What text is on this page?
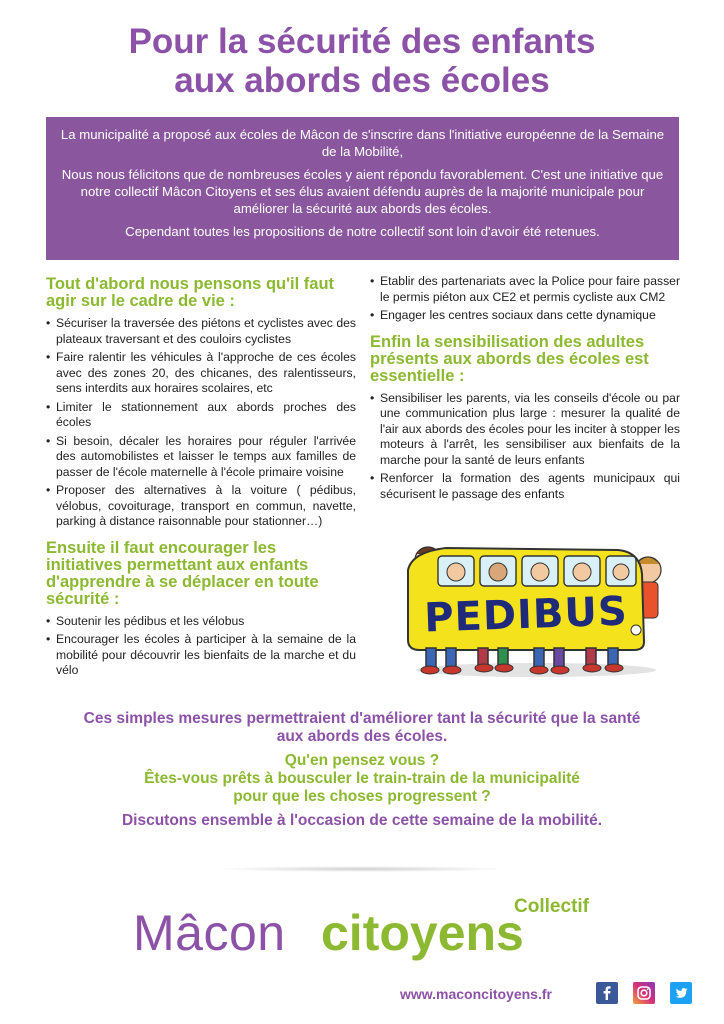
Pour la sécurité des enfants
aux abords des écoles

La municipalité a proposé aux écoles de Mâcon de s'inscrire dans l'initiative européenne de la Semaine de la Mobilité,

Nous nous félicitons que de nombreuses écoles y aient répondu favorablement. C'est une initiative que notre collectif Mâcon Citoyens et ses élus avaient défendu auprès de la majorité municipale pour améliorer la sécurité aux abords des écoles.

Cependant toutes les propositions de notre collectif sont loin d'avoir été retenues.

Tout d'abord nous pensons qu'il faut agir sur le cadre de vie :
• Sécuriser la traversée des piétons et cyclistes avec des plateaux traversant et des couloirs cyclistes
• Faire ralentir les véhicules à l'approche de ces écoles avec des zones 20, des chicanes, des ralentisseurs, sens interdits aux horaires scolaires, etc
• Limiter le stationnement aux abords proches des écoles
• Si besoin, décaler les horaires pour réguler l'arrivée des automobilistes et laisser le temps aux familles de passer de l'école maternelle à l'école primaire voisine
• Proposer des alternatives à la voiture ( pédibus, vélobus, covoiturage, transport en commun, navette, parking à distance raisonnable pour stationner…)
Ensuite il faut encourager les initiatives permettant aux enfants d'apprendre à se déplacer en toute sécurité :
• Soutenir les pédibus et les vélobus
• Encourager les écoles à participer à la semaine de la mobilité pour découvrir les bienfaits de la marche et du vélo
• Etablir des partenariats avec la Police pour faire passer le permis piéton aux CE2 et permis cycliste aux CM2
• Engager les centres sociaux dans cette dynamique
Enfin la sensibilisation des adultes présents aux abords des écoles est essentielle :
• Sensibiliser les parents, via les conseils d'école ou par une communication plus large : mesurer la qualité de l'air aux abords des écoles pour les inciter à stopper les moteurs à l'arrêt, les sensibiliser aux bienfaits de la marche pour la santé de leurs enfants
• Renforcer la formation des agents municipaux qui sécurisent le passage des enfants
PEDIBUS
Ces simples mesures permettraient d'améliorer tant la sécurité que la santé
aux abords des écoles.
Qu'en pensez vous ?
Êtes-vous prêts à bousculer le train-train de la municipalité
pour que les choses progressent ?
Discutons ensemble à l'occasion de cette semaine de la mobilité.
Collectif
Mâcon citoyens
www.maconcitoyens.fr
